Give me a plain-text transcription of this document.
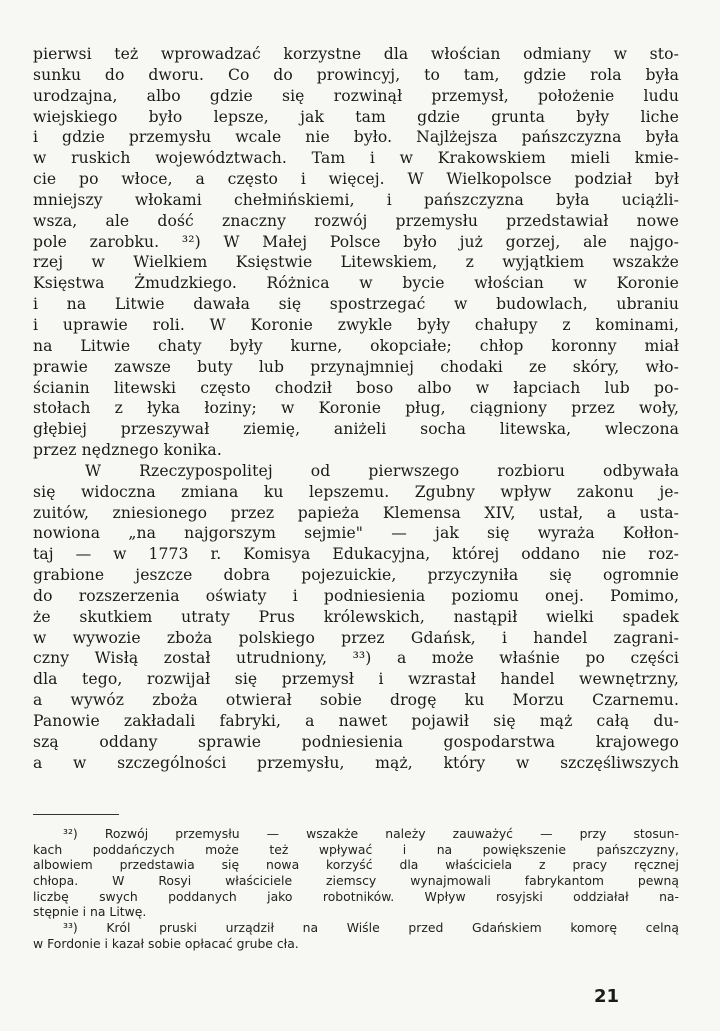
pierwsi też wprowadzać korzystne dla włościan odmiany w sto-
sunku do dworu. Co do prowincyj, to tam, gdzie rola była
urodzajna, albo gdzie się rozwinął przemysł, położenie ludu
wiejskiego było lepsze, jak tam gdzie grunta były liche
i gdzie przemysłu wcale nie było. Najlżejsza pańszczyzna była
w ruskich województwach. Tam i w Krakowskiem mieli kmie-
cie po włoce, a często i więcej. W Wielkopolsce podział był
mniejszy włokami chełmińskiemi, i pańszczyzna była uciążli-
wsza, ale dość znaczny rozwój przemysłu przedstawiał nowe
pole zarobku. ³²) W Małej Polsce było już gorzej, ale najgo-
rzej w Wielkiem Księstwie Litewskiem, z wyjątkiem wszakże
Księstwa Żmudzkiego. Różnica w bycie włościan w Koronie
i na Litwie dawała się spostrzegać w budowlach, ubraniu
i uprawie roli. W Koronie zwykle były chałupy z kominami,
na Litwie chaty były kurne, okopciałe; chłop koronny miał
prawie zawsze buty lub przynajmniej chodaki ze skóry, wło-
ścianin litewski często chodził boso albo w łapciach lub po-
stołach z łyka łoziny; w Koronie pług, ciągniony przez woły,
głębiej przeszywał ziemię, aniżeli socha litewska, wleczona
przez nędznego konika.
W Rzeczypospolitej od pierwszego rozbioru odbywała
się widoczna zmiana ku lepszemu. Zgubny wpływ zakonu je-
zuitów, zniesionego przez papieża Klemensa XIV, ustał, a usta-
nowiona „na najgorszym sejmie" — jak się wyraża Kołłon-
taj — w 1773 r. Komisya Edukacyjna, której oddano nie roz-
grabione jeszcze dobra pojezuickie, przyczyniła się ogromnie
do rozszerzenia oświaty i podniesienia poziomu onej. Pomimo,
że skutkiem utraty Prus królewskich, nastąpił wielki spadek
w wywozie zboża polskiego przez Gdańsk, i handel zagrani-
czny Wisłą został utrudniony, ³³) a może właśnie po części
dla tego, rozwijał się przemysł i wzrastał handel wewnętrzny,
a wywóz zboża otwierał sobie drogę ku Morzu Czarnemu.
Panowie zakładali fabryki, a nawet pojawił się mąż całą du-
szą oddany sprawie podniesienia gospodarstwa krajowego
a w szczególności przemysłu, mąż, który w szczęśliwszych
³²) Rozwój przemysłu — wszakże należy zauważyć — przy stosun-
kach poddańczych może też wpływać i na powiększenie pańszczyzny,
albowiem przedstawia się nowa korzyść dla właściciela z pracy ręcznej
chłopa. W Rosyi właściciele ziemscy wynajmowali fabrykantom pewną
liczbę swych poddanych jako robotników. Wpływ rosyjski oddziałał na-
stępnie i na Litwę.
³³) Król pruski urządził na Wiśle przed Gdańskiem komorę celną
w Fordonie i kazał sobie opłacać grube cła.
21
